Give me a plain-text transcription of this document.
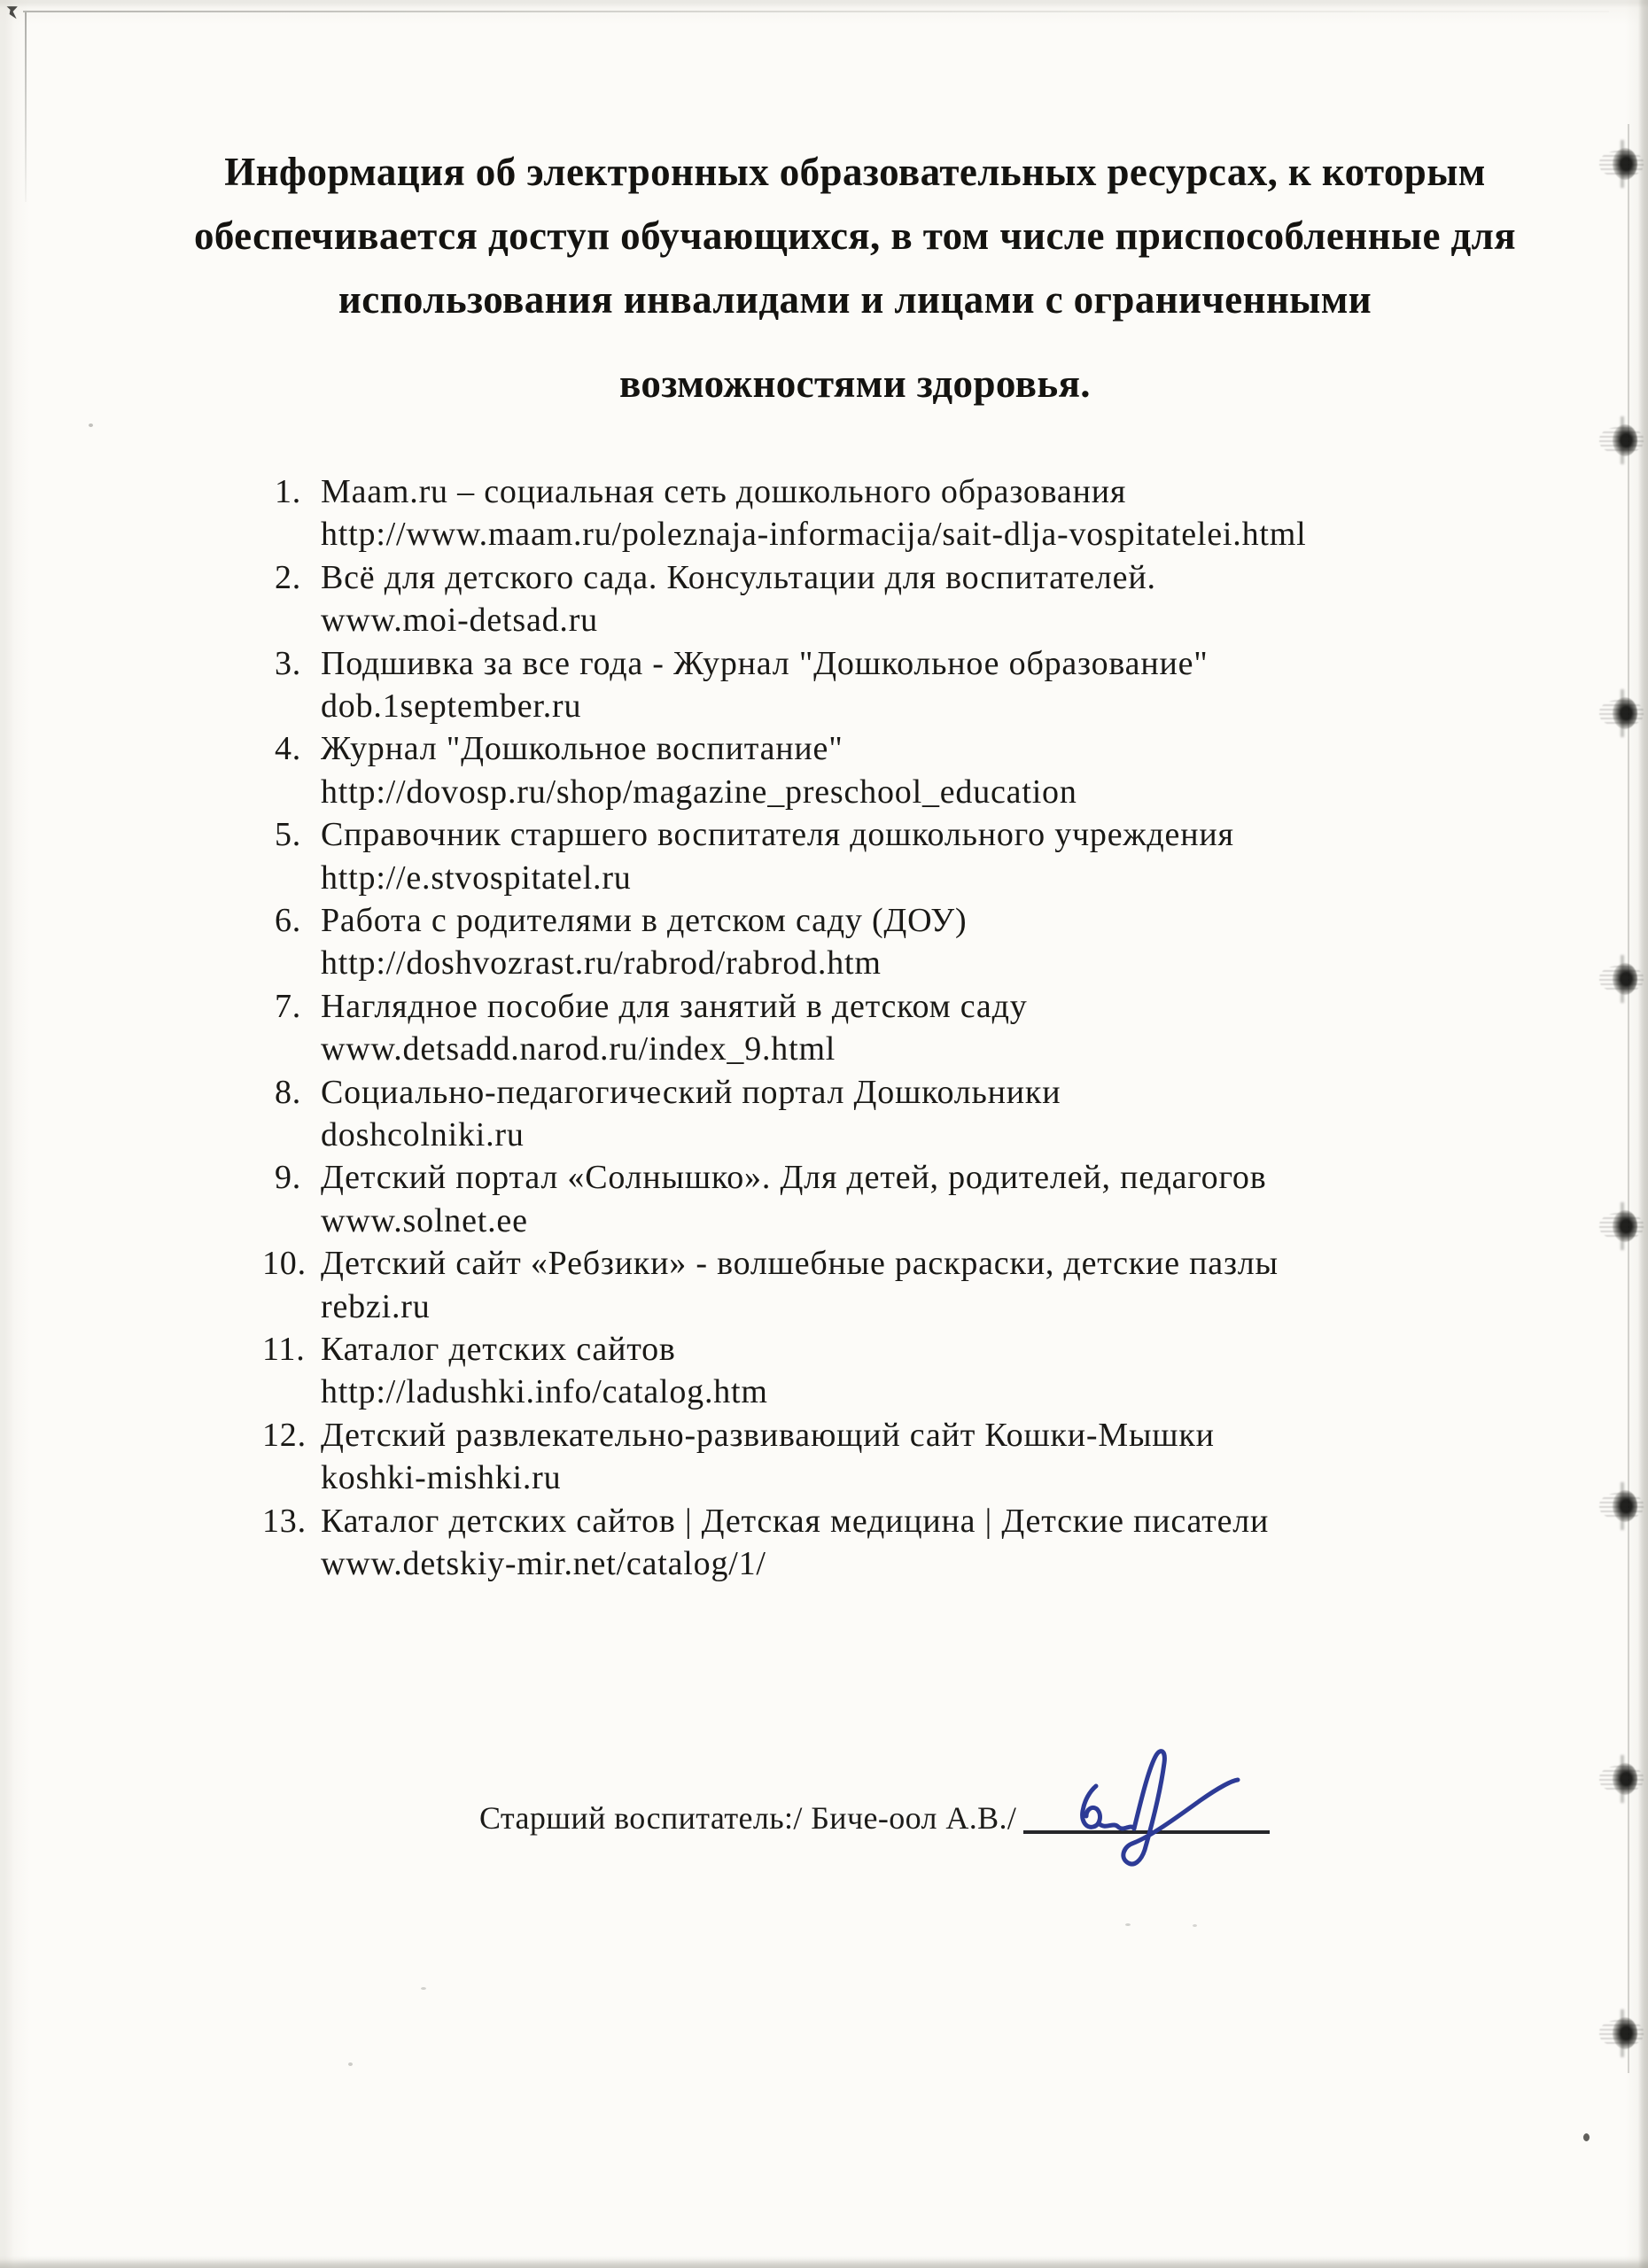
Информация об электронных образовательных ресурсах, к которым
обеспечивается доступ обучающихся, в том числе приспособленные для
использования инвалидами и лицами с ограниченными
возможностями здоровья.
1. Maam.ru – социальная сеть дошкольного образования
http://www.maam.ru/poleznaja-informacija/sait-dlja-vospitatelei.html
2. Всё для детского сада. Консультации для воспитателей.
www.moi-detsad.ru
3. Подшивка за все года - Журнал "Дошкольное образование"
dob.1september.ru
4. Журнал "Дошкольное воспитание"
http://dovosp.ru/shop/magazine_preschool_education
5. Справочник старшего воспитателя дошкольного учреждения
http://e.stvospitatel.ru
6. Работа с родителями в детском саду (ДОУ)
http://doshvozrast.ru/rabrod/rabrod.htm
7. Наглядное пособие для занятий в детском саду
www.detsadd.narod.ru/index_9.html
8. Социально-педагогический портал Дошкольники
doshcolniki.ru
9. Детский портал «Солнышко». Для детей, родителей, педагогов
www.solnet.ee
10. Детский сайт «Ребзики» - волшебные раскраски, детские пазлы
rebzi.ru
11. Каталог детских сайтов
http://ladushki.info/catalog.htm
12. Детский развлекательно-развивающий сайт Кошки-Мышки
koshki-mishki.ru
13. Каталог детских сайтов | Детская медицина | Детские писатели
www.detskiy-mir.net/catalog/1/
Старший воспитатель:/ Биче-оол А.В./
